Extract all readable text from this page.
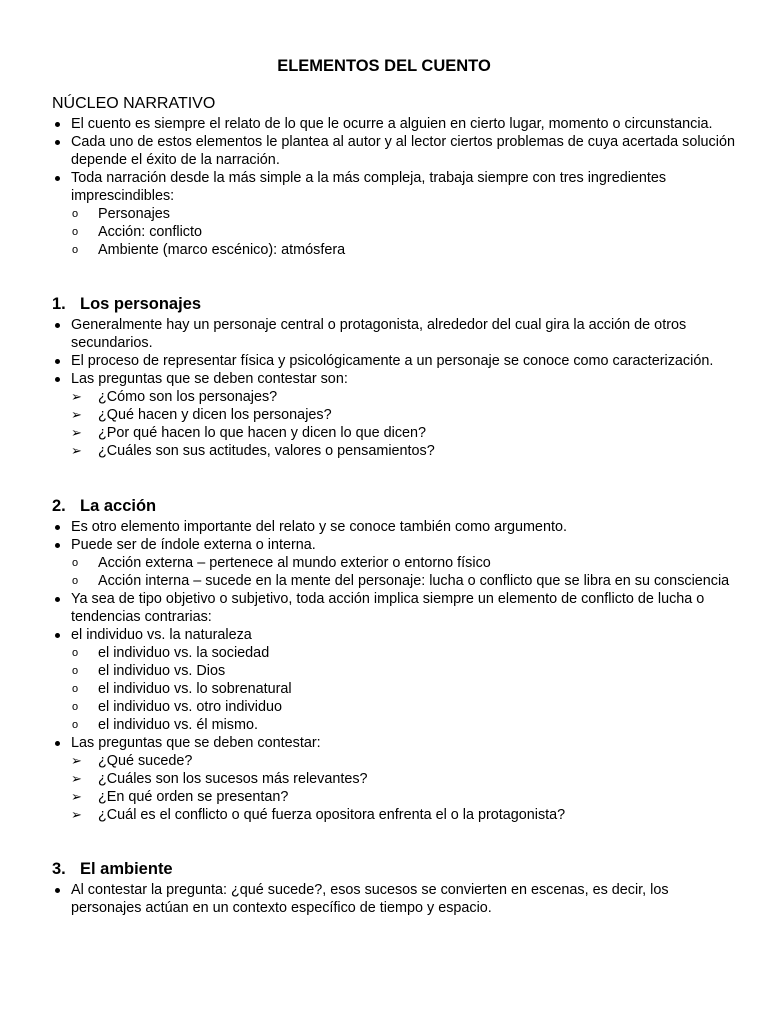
ELEMENTOS DEL CUENTO
NÚCLEO NARRATIVO
El cuento es siempre el relato de lo que le ocurre a alguien en cierto lugar, momento o circunstancia.
Cada uno de estos elementos le plantea al autor y al lector ciertos problemas de cuya acertada solución depende el éxito de la narración.
Toda narración desde la más simple a la más compleja, trabaja siempre con tres ingredientes imprescindibles:
o Personajes
o Acción: conflicto
o Ambiente (marco escénico): atmósfera
1. Los personajes
Generalmente hay un personaje central o protagonista, alrededor del cual gira la acción de otros secundarios.
El proceso de representar física y psicológicamente a un personaje se conoce como caracterización.
Las preguntas que se deben contestar son:
➢ ¿Cómo son los personajes?
➢ ¿Qué hacen y dicen los personajes?
➢ ¿Por qué hacen lo que hacen y dicen lo que dicen?
➢ ¿Cuáles son sus actitudes, valores o pensamientos?
2. La acción
Es otro elemento importante del relato y se conoce también como argumento.
Puede ser de índole externa o interna.
o Acción externa – pertenece al mundo exterior o entorno físico
o Acción interna – sucede en la mente del personaje: lucha o conflicto que se libra en su consciencia
Ya sea de tipo objetivo o subjetivo, toda acción implica siempre un elemento de conflicto de lucha o tendencias contrarias:
el individuo vs. la naturaleza
o el individuo vs. la sociedad
o el individuo vs. Dios
o el individuo vs. lo sobrenatural
o el individuo vs. otro individuo
o el individuo vs. él mismo.
Las preguntas que se deben contestar:
➢ ¿Qué sucede?
➢ ¿Cuáles son los sucesos más relevantes?
➢ ¿En qué orden se presentan?
➢ ¿Cuál es el conflicto o qué fuerza opositora enfrenta el o la protagonista?
3. El ambiente
Al contestar la pregunta: ¿qué sucede?, esos sucesos se convierten en escenas, es decir, los personajes actúan en un contexto específico de tiempo y espacio.
